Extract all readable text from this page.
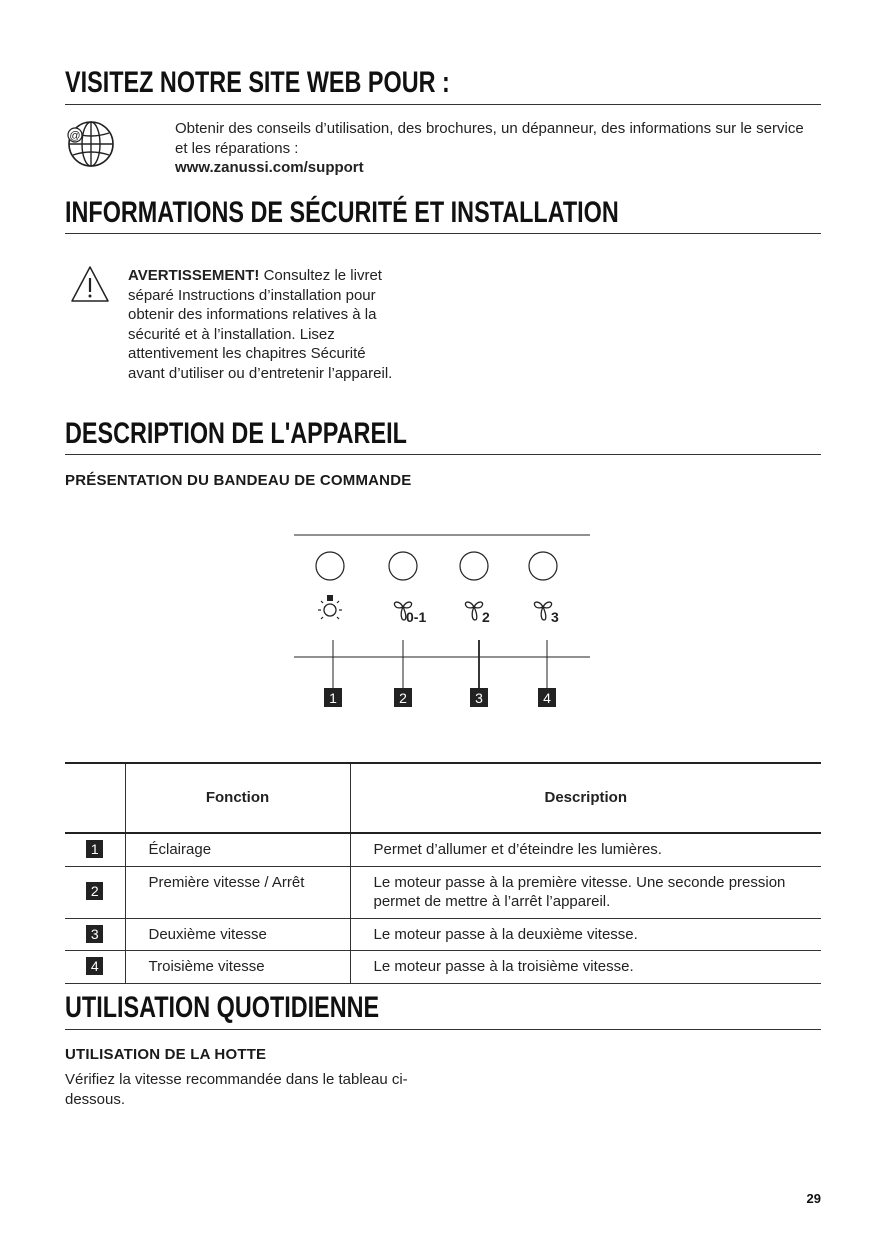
VISITEZ NOTRE SITE WEB POUR :
@	Obtenir des conseils d’utilisation, des brochures, un dépanneur, des informations sur le service et les réparations :
www.zanussi.com/support
INFORMATIONS DE SÉCURITÉ ET INSTALLATION
AVERTISSEMENT! Consultez le livret séparé Instructions d’installation pour obtenir des informations relatives à la sécurité et à l’installation. Lisez attentivement les chapitres Sécurité avant d’utiliser ou d’entretenir l’appareil.
DESCRIPTION DE L'APPAREIL
PRÉSENTATION DU BANDEAU DE COMMANDE
0-1	2	3
1	2	3	4
	Fonction	Description
1	Éclairage	Permet d’allumer et d’éteindre les lumières.
2	Première vitesse / Arrêt	Le moteur passe à la première vitesse. Une seconde pression permet de mettre à l’arrêt l’appareil.
3	Deuxième vitesse	Le moteur passe à la deuxième vitesse.
4	Troisième vitesse	Le moteur passe à la troisième vitesse.
UTILISATION QUOTIDIENNE
UTILISATION DE LA HOTTE
Vérifiez la vitesse recommandée dans le tableau ci-dessous.
29
